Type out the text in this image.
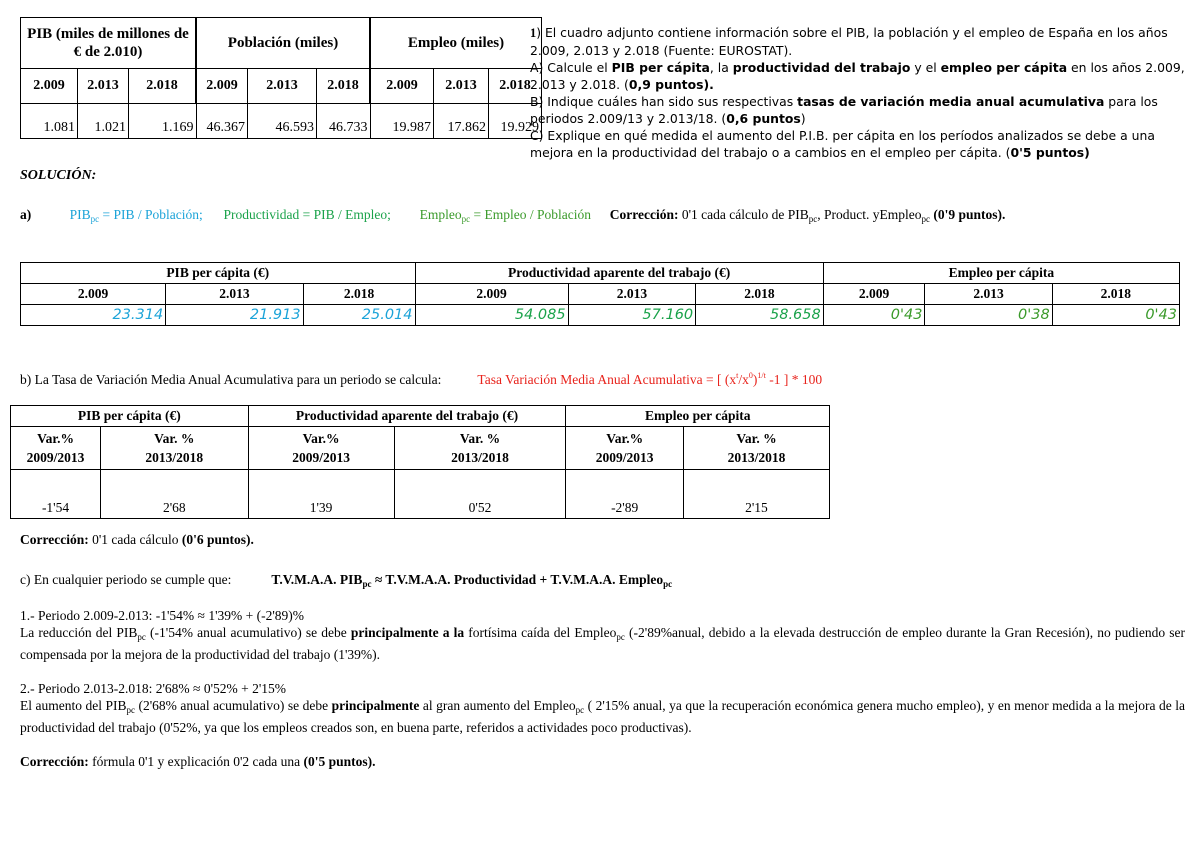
PIB (miles de millones de € de 2.010)			Población (miles)			Empleo (miles)		
2.009	2.013	2.018	2.009	2.013	2.018	2.009	2.013	2.018
1.081	1.021	1.169	46.367	46.593	46.733	19.987	17.862	19.929
1) El cuadro adjunto contiene información sobre el PIB, la población y el empleo de España en los años 2.009, 2.013 y 2.018 (Fuente: EUROSTAT).
A) Calcule el PIB per cápita, la productividad del trabajo y el empleo per cápita en los años 2.009, 2.013 y 2.018. (0,9 puntos).
B) Indique cuáles han sido sus respectivas tasas de variación media anual acumulativa para los periodos 2.009/13 y 2.013/18. (0,6 puntos)
C) Explique en qué medida el aumento del P.I.B. per cápita en los períodos analizados se debe a una mejora en la productividad del trabajo o a cambios en el empleo per cápita. (0'5 puntos)
SOLUCIÓN:
a)	$PIB_{pc}$ = PIB / Población; Productividad = PIB / Empleo; Empleo$_{pc}$ = Empleo / Población Corrección: 0'1 cada cálculo de $PIB_{pc}$, Product. yEmpleo$_{pc}$ (0'9 puntos).
PIB per cápita (€)			Productividad aparente del trabajo (€)			Empleo per cápita		
2.009	2.013	2.018	2.009	2.013	2.018	2.009	2.013	2.018
23.314	21.913	25.014	54.085	57.160	58.658	0'43	0'38	0'43
b) La Tasa de Variación Media Anual Acumulativa para un periodo se calcula:	Tasa Variación Media Anual Acumulativa = [ $(x^t/x^0)^{1/t}$ -1 ] * 100
PIB per cápita (€)		Productividad aparente del trabajo (€)		Empleo per cápita	
Var.% 2009/2013	Var. % 2013/2018	Var.% 2009/2013	Var. % 2013/2018	Var.% 2009/2013	Var. % 2013/2018
-1'54	2'68	1'39	0'52	-2'89	2'15
Corrección: 0'1 cada cálculo (0'6 puntos).
c) En cualquier periodo se cumple que:	T.V.M.A.A. $PIB_{pc} \approx T.V.M.A.A$. Productividad + T.V.M.A.A. Empleo$_{pc}$
1.- Periodo 2.009-2.013: -1'54% ≈ 1'39% + (-2'89)%
La reducción del $PIB_{pc}$ (-1'54% anual acumulativo) se debe principalmente a la fortísima caída del Empleo$_{pc}$ (-2'89%anual, debido a la elevada destrucción de empleo durante la Gran Recesión), no pudiendo ser compensada por la mejora de la productividad del trabajo (1'39%).
2.- Periodo 2.013-2.018: 2'68% ≈ 0'52% + 2'15%
El aumento del $PIB_{pc}$ (2'68% anual acumulativo) se debe principalmente al gran aumento del Empleo$_{pc}$ ( 2'15% anual, ya que la recuperación económica genera mucho empleo), y en menor medida a la mejora de la productividad del trabajo (0'52%, ya que los empleos creados son, en buena parte, referidos a actividades poco productivas).
Corrección: fórmula 0'1 y explicación 0'2 cada una (0'5 puntos).
